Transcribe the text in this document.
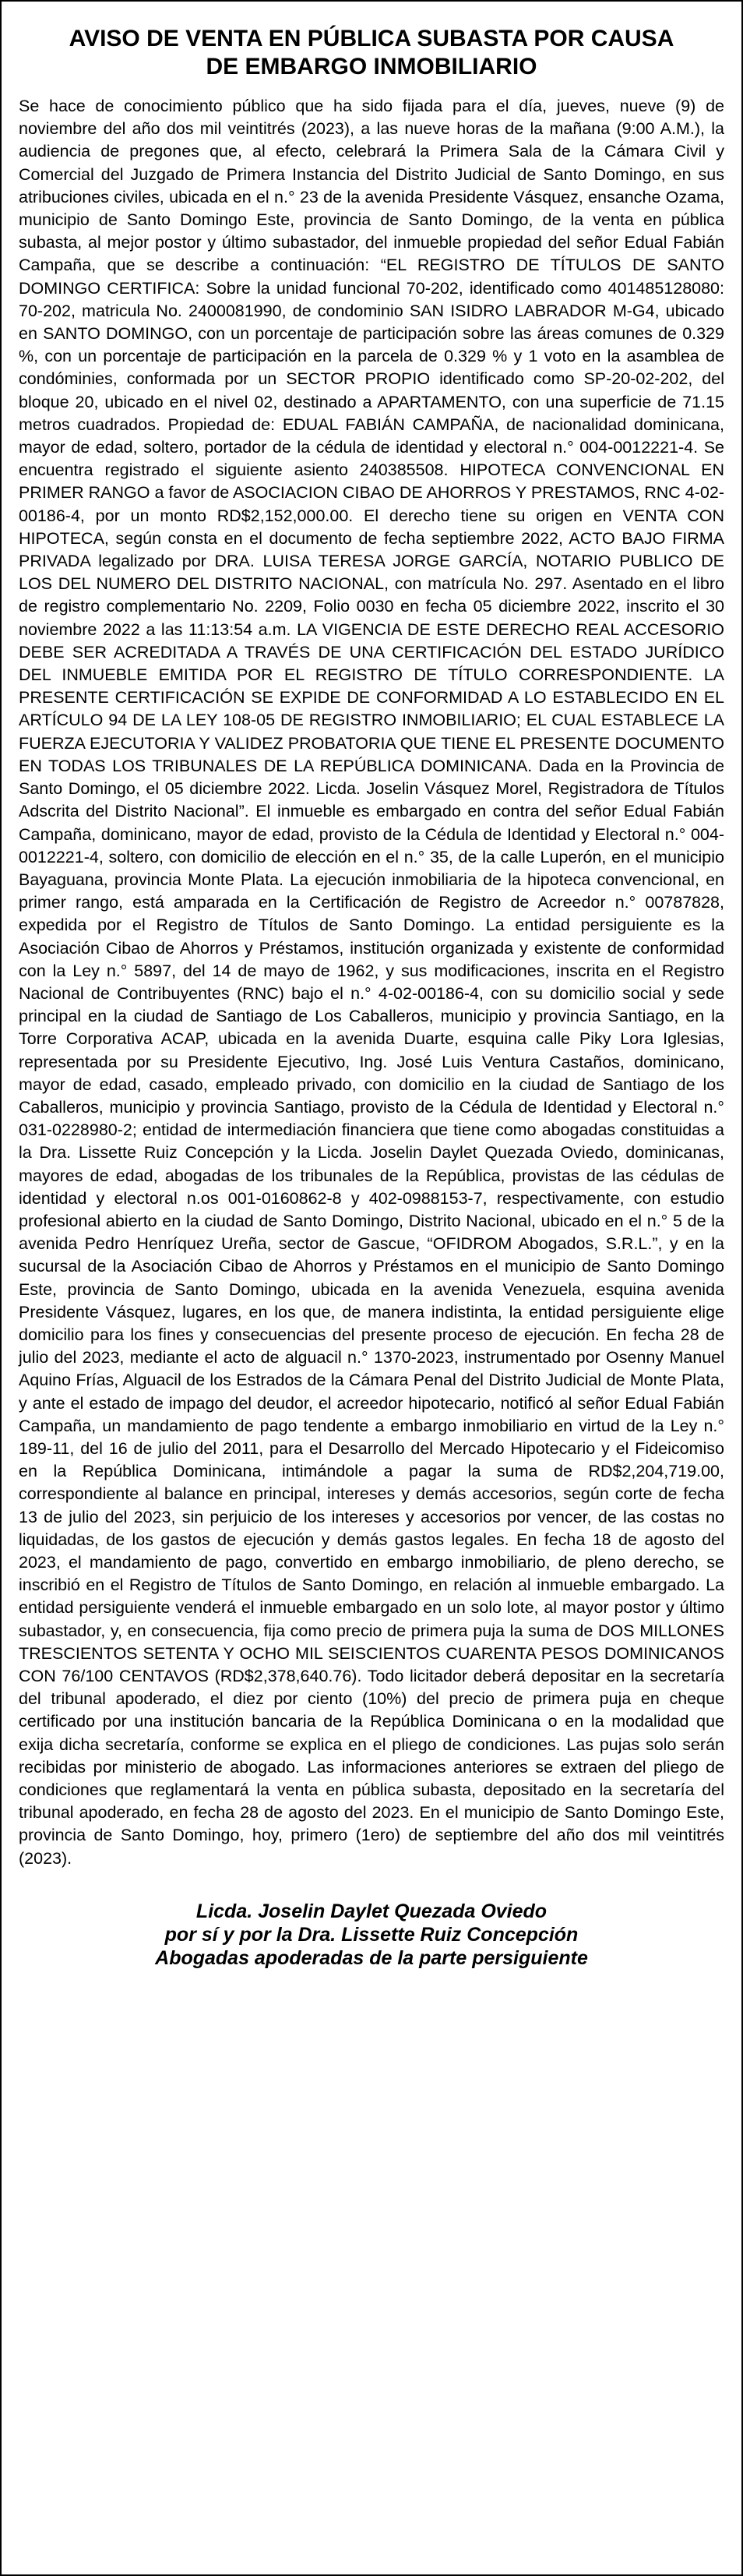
AVISO DE VENTA EN PÚBLICA SUBASTA POR CAUSA
DE EMBARGO INMOBILIARIO

Se hace de conocimiento público que ha sido fijada para el día, jueves, nueve (9) de noviembre del año dos mil veintitrés (2023), a las nueve horas de la mañana (9:00 A.M.), la audiencia de pregones que, al efecto, celebrará la Primera Sala de la Cámara Civil y Comercial del Juzgado de Primera Instancia del Distrito Judicial de Santo Domingo, en sus atribuciones civiles, ubicada en el n.° 23 de la avenida Presidente Vásquez, ensanche Ozama, municipio de Santo Domingo Este, provincia de Santo Domingo, de la venta en pública subasta, al mejor postor y último subastador, del inmueble propiedad del señor Edual Fabián Campaña, que se describe a continuación: “EL REGISTRO DE TÍTULOS DE SANTO DOMINGO CERTIFICA: Sobre la unidad funcional 70-202, identificado como 401485128080: 70-202, matricula No. 2400081990, de condominio SAN ISIDRO LABRADOR M-G4, ubicado en SANTO DOMINGO, con un porcentaje de participación sobre las áreas comunes de 0.329 %, con un porcentaje de participación en la parcela de 0.329 % y 1 voto en la asamblea de condóminies, conformada por un SECTOR PROPIO identificado como SP-20-02-202, del bloque 20, ubicado en el nivel 02, destinado a APARTAMENTO, con una superficie de 71.15 metros cuadrados. Propiedad de: EDUAL FABIÁN CAMPAÑA, de nacionalidad dominicana, mayor de edad, soltero, portador de la cédula de identidad y electoral n.° 004-0012221-4. Se encuentra registrado el siguiente asiento 240385508. HIPOTECA CONVENCIONAL EN PRIMER RANGO a favor de ASOCIACION CIBAO DE AHORROS Y PRESTAMOS, RNC 4-02-00186-4, por un monto RD$2,152,000.00. El derecho tiene su origen en VENTA CON HIPOTECA, según consta en el documento de fecha septiembre 2022, ACTO BAJO FIRMA PRIVADA legalizado por DRA. LUISA TERESA JORGE GARCÍA, NOTARIO PUBLICO DE LOS DEL NUMERO DEL DISTRITO NACIONAL, con matrícula No. 297. Asentado en el libro de registro complementario No. 2209, Folio 0030 en fecha 05 diciembre 2022, inscrito el 30 noviembre 2022 a las 11:13:54 a.m. LA VIGENCIA DE ESTE DERECHO REAL ACCESORIO DEBE SER ACREDITADA A TRAVÉS DE UNA CERTIFICACIÓN DEL ESTADO JURÍDICO DEL INMUEBLE EMITIDA POR EL REGISTRO DE TÍTULO CORRESPONDIENTE. LA PRESENTE CERTIFICACIÓN SE EXPIDE DE CONFORMIDAD A LO ESTABLECIDO EN EL ARTÍCULO 94 DE LA LEY 108-05 DE REGISTRO INMOBILIARIO; EL CUAL ESTABLECE LA FUERZA EJECUTORIA Y VALIDEZ PROBATORIA QUE TIENE EL PRESENTE DOCUMENTO EN TODAS LOS TRIBUNALES DE LA REPÚBLICA DOMINICANA. Dada en la Provincia de Santo Domingo, el 05 diciembre 2022. Licda. Joselin Vásquez Morel, Registradora de Títulos Adscrita del Distrito Nacional”. El inmueble es embargado en contra del señor Edual Fabián Campaña, dominicano, mayor de edad, provisto de la Cédula de Identidad y Electoral n.° 004-0012221-4, soltero, con domicilio de elección en el n.° 35, de la calle Luperón, en el municipio Bayaguana, provincia Monte Plata. La ejecución inmobiliaria de la hipoteca convencional, en primer rango, está amparada en la Certificación de Registro de Acreedor n.° 00787828, expedida por el Registro de Títulos de Santo Domingo. La entidad persiguiente es la Asociación Cibao de Ahorros y Préstamos, institución organizada y existente de conformidad con la Ley n.° 5897, del 14 de mayo de 1962, y sus modificaciones, inscrita en el Registro Nacional de Contribuyentes (RNC) bajo el n.° 4-02-00186-4, con su domicilio social y sede principal en la ciudad de Santiago de Los Caballeros, municipio y provincia Santiago, en la Torre Corporativa ACAP, ubicada en la avenida Duarte, esquina calle Piky Lora Iglesias, representada por su Presidente Ejecutivo, Ing. José Luis Ventura Castaños, dominicano, mayor de edad, casado, empleado privado, con domicilio en la ciudad de Santiago de los Caballeros, municipio y provincia Santiago, provisto de la Cédula de Identidad y Electoral n.° 031-0228980-2; entidad de intermediación financiera que tiene como abogadas constituidas a la Dra. Lissette Ruiz Concepción y la Licda. Joselin Daylet Quezada Oviedo, dominicanas, mayores de edad, abogadas de los tribunales de la República, provistas de las cédulas de identidad y electoral n.os 001-0160862-8 y 402-0988153-7, respectivamente, con estudio profesional abierto en la ciudad de Santo Domingo, Distrito Nacional, ubicado en el n.° 5 de la avenida Pedro Henríquez Ureña, sector de Gascue, “OFIDROM Abogados, S.R.L.”, y en la sucursal de la Asociación Cibao de Ahorros y Préstamos en el municipio de Santo Domingo Este, provincia de Santo Domingo, ubicada en la avenida Venezuela, esquina avenida Presidente Vásquez, lugares, en los que, de manera indistinta, la entidad persiguiente elige domicilio para los fines y consecuencias del presente proceso de ejecución. En fecha 28 de julio del 2023, mediante el acto de alguacil n.° 1370-2023, instrumentado por Osenny Manuel Aquino Frías, Alguacil de los Estrados de la Cámara Penal del Distrito Judicial de Monte Plata, y ante el estado de impago del deudor, el acreedor hipotecario, notificó al señor Edual Fabián Campaña, un mandamiento de pago tendente a embargo inmobiliario en virtud de la Ley n.° 189-11, del 16 de julio del 2011, para el Desarrollo del Mercado Hipotecario y el Fideicomiso en la República Dominicana, intimándole a pagar la suma de RD$2,204,719.00, correspondiente al balance en principal, intereses y demás accesorios, según corte de fecha 13 de julio del 2023, sin perjuicio de los intereses y accesorios por vencer, de las costas no liquidadas, de los gastos de ejecución y demás gastos legales. En fecha 18 de agosto del 2023, el mandamiento de pago, convertido en embargo inmobiliario, de pleno derecho, se inscribió en el Registro de Títulos de Santo Domingo, en relación al inmueble embargado. La entidad persiguiente venderá el inmueble embargado en un solo lote, al mayor postor y último subastador, y, en consecuencia, fija como precio de primera puja la suma de DOS MILLONES TRESCIENTOS SETENTA Y OCHO MIL SEISCIENTOS CUARENTA PESOS DOMINICANOS CON 76/100 CENTAVOS (RD$2,378,640.76). Todo licitador deberá depositar en la secretaría del tribunal apoderado, el diez por ciento (10%) del precio de primera puja en cheque certificado por una institución bancaria de la República Dominicana o en la modalidad que exija dicha secretaría, conforme se explica en el pliego de condiciones. Las pujas solo serán recibidas por ministerio de abogado. Las informaciones anteriores se extraen del pliego de condiciones que reglamentará la venta en pública subasta, depositado en la secretaría del tribunal apoderado, en fecha 28 de agosto del 2023. En el municipio de Santo Domingo Este, provincia de Santo Domingo, hoy, primero (1ero) de septiembre del año dos mil veintitrés (2023).

Licda. Joselin Daylet Quezada Oviedo
por sí y por la Dra. Lissette Ruiz Concepción
Abogadas apoderadas de la parte persiguiente
